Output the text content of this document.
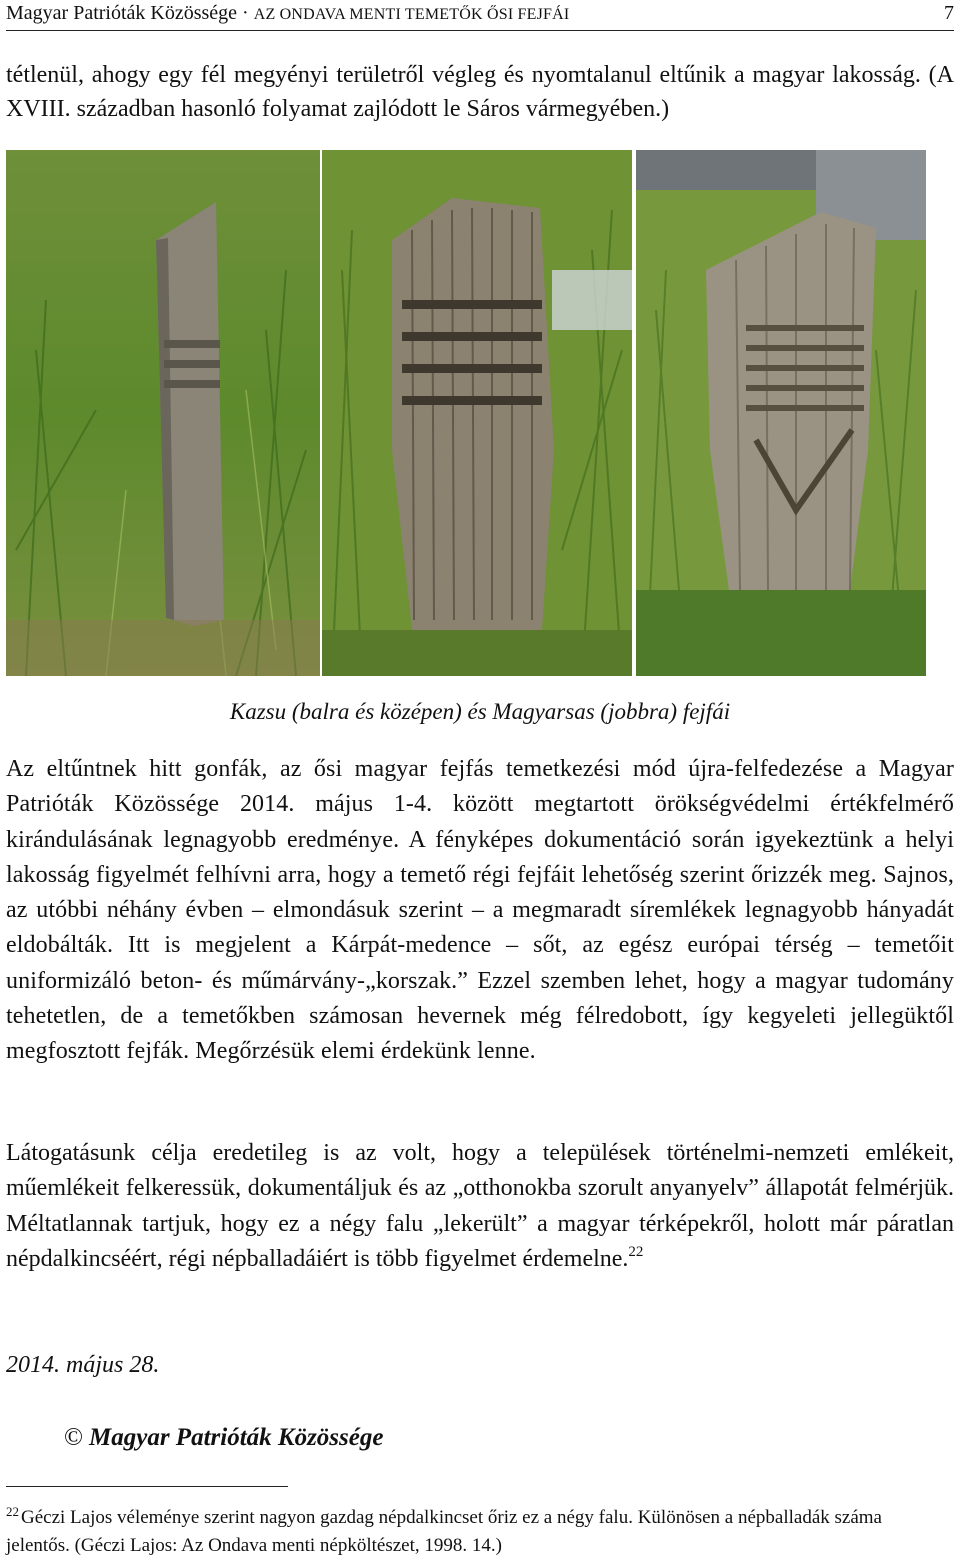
Magyar Patrióták Közössége · AZ ONDAVA MENTI TEMETŐK ŐSI FEJFÁI	7
tétlenül, ahogy egy fél megyényi területről végleg és nyomtalanul eltűnik a magyar lakosság. (A XVIII. században hasonló folyamat zajlódott le Sáros vármegyében.)
Kazsu (balra és középen) és Magyarsas (jobbra) fejfái
Az eltűntnek hitt gonfák, az ősi magyar fejfás temetkezési mód újra-felfedezése a Magyar Patrióták Közössége 2014. május 1-4. között megtartott örökségvédelmi értékfelmérő kirándulásának legnagyobb eredménye. A fényképes dokumentáció során igyekeztünk a helyi lakosság figyelmét felhívni arra, hogy a temető régi fejfáit lehetőség szerint őrizzék meg. Sajnos, az utóbbi néhány évben – elmondásuk szerint – a megmaradt síremlékek legnagyobb hányadát eldobálták. Itt is megjelent a Kárpát-medence – sőt, az egész európai térség – temetőit uniformizáló beton- és műmárvány-„korszak.” Ezzel szemben lehet, hogy a magyar tudomány tehetetlen, de a temetőkben számosan hevernek még félredobott, így kegyeleti jellegüktől megfosztott fejfák. Megőrzésük elemi érdekünk lenne.
Látogatásunk célja eredetileg is az volt, hogy a települések történelmi-nemzeti emlékeit, műemlékeit felkeressük, dokumentáljuk és az „otthonokba szorult anyanyelv” állapotát felmérjük. Méltatlannak tartjuk, hogy ez a négy falu „lekerült” a magyar térképekről, holott már páratlan népdalkincséért, régi népballadáiért is több figyelmet érdemelne.$^{22}$
2014. május 28.
© Magyar Patrióták Közössége
$^{22}$ Géczi Lajos véleménye szerint nagyon gazdag népdalkincset őriz ez a négy falu. Különösen a népballadák száma jelentős. (Géczi Lajos: Az Ondava menti népköltészet, 1998. 14.)
